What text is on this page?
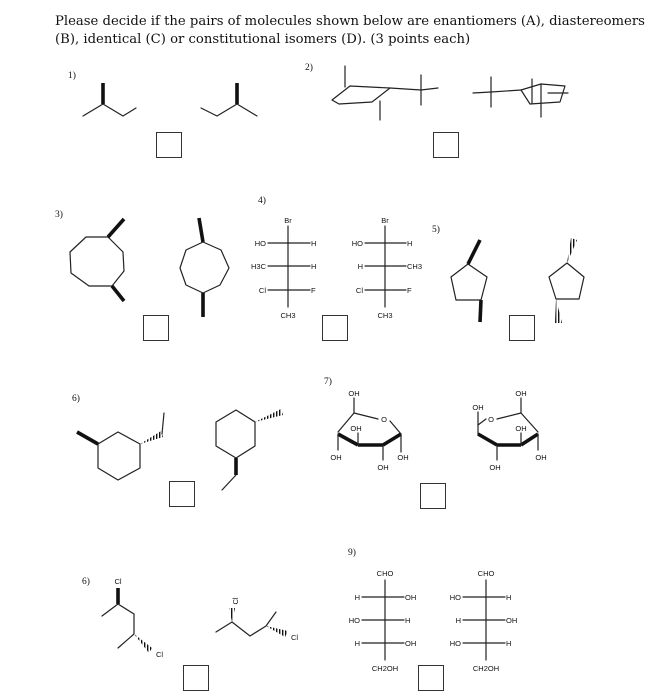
Please decide if the pairs of molecules shown below are enantiomers (A), diastereomers
(B), identical (C) or constitutional isomers (D). (3 points each)
1)
2)
3)
4)
5)
6)
7)
6)
9)
Br
HO	H
H3C	H
Cl	F
CH3
Br
HO	H
H	CH3
Cl	F
CH3
OH
O
OH
OH
OH
OH
OH
OH
O
OH
OH
OH
Cl
Cl
Cl
Cl
CHO
H	OH
HO	H
H	OH
CH2OH
CHO
HO	H
H	OH
HO	H
CH2OH
